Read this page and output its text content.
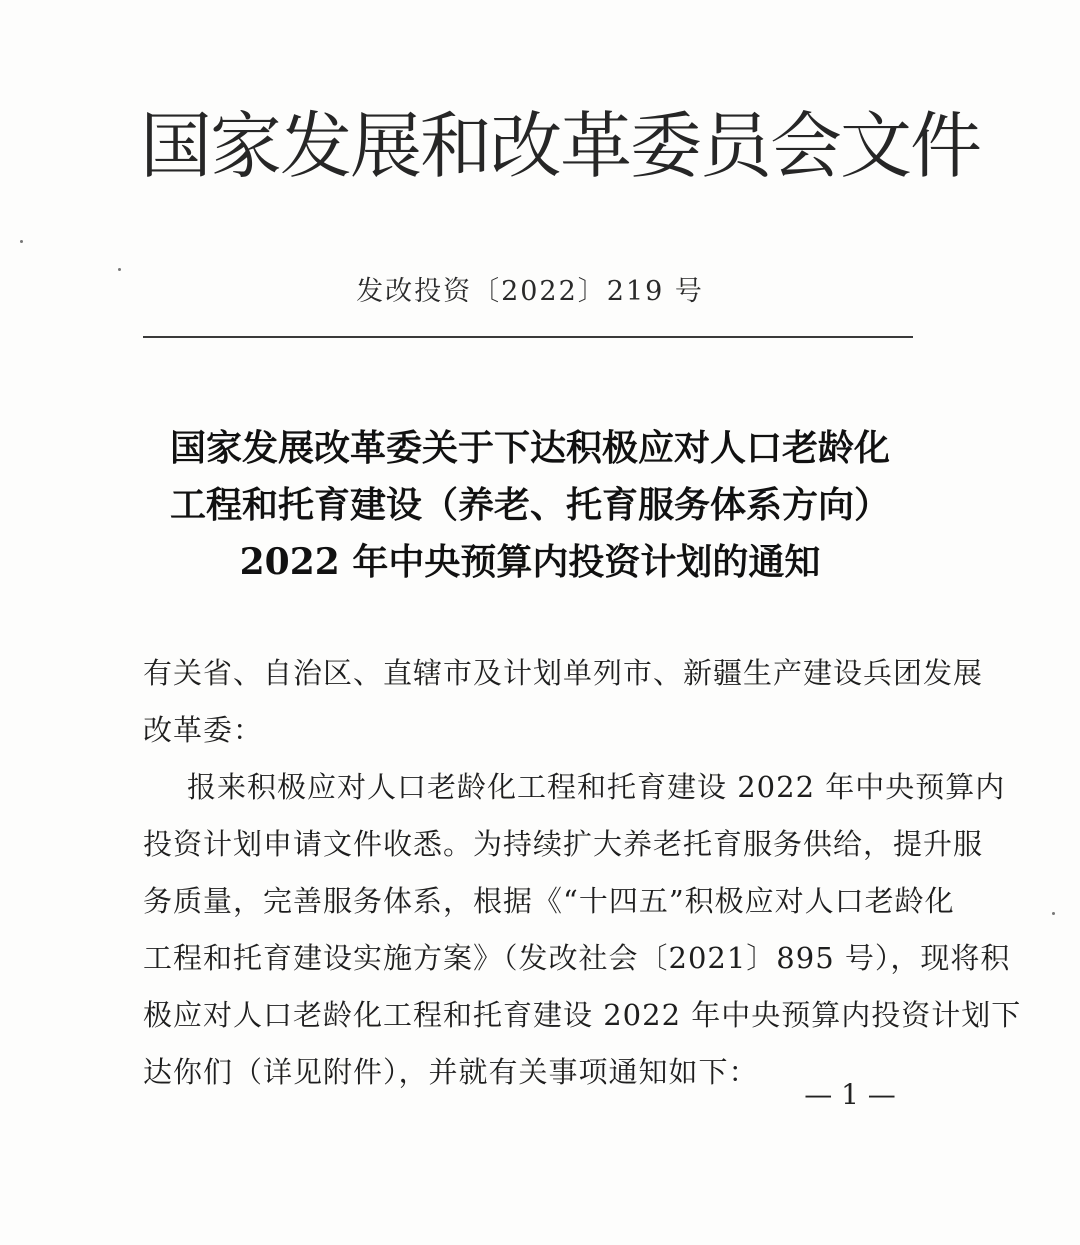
国家发展和改革委员会文件
发改投资〔2022〕219 号
国家发展改革委关于下达积极应对人口老龄化
工程和托育建设（养老、托育服务体系方向）
2022 年中央预算内投资计划的通知
有关省、自治区、直辖市及计划单列市、新疆生产建设兵团发展
改革委：
报来积极应对人口老龄化工程和托育建设 2022 年中央预算内
投资计划申请文件收悉。为持续扩大养老托育服务供给，提升服
务质量，完善服务体系，根据《“十四五”积极应对人口老龄化
工程和托育建设实施方案》（发改社会〔2021〕895 号），现将积
极应对人口老龄化工程和托育建设 2022 年中央预算内投资计划下
达你们（详见附件），并就有关事项通知如下：
— 1 —
